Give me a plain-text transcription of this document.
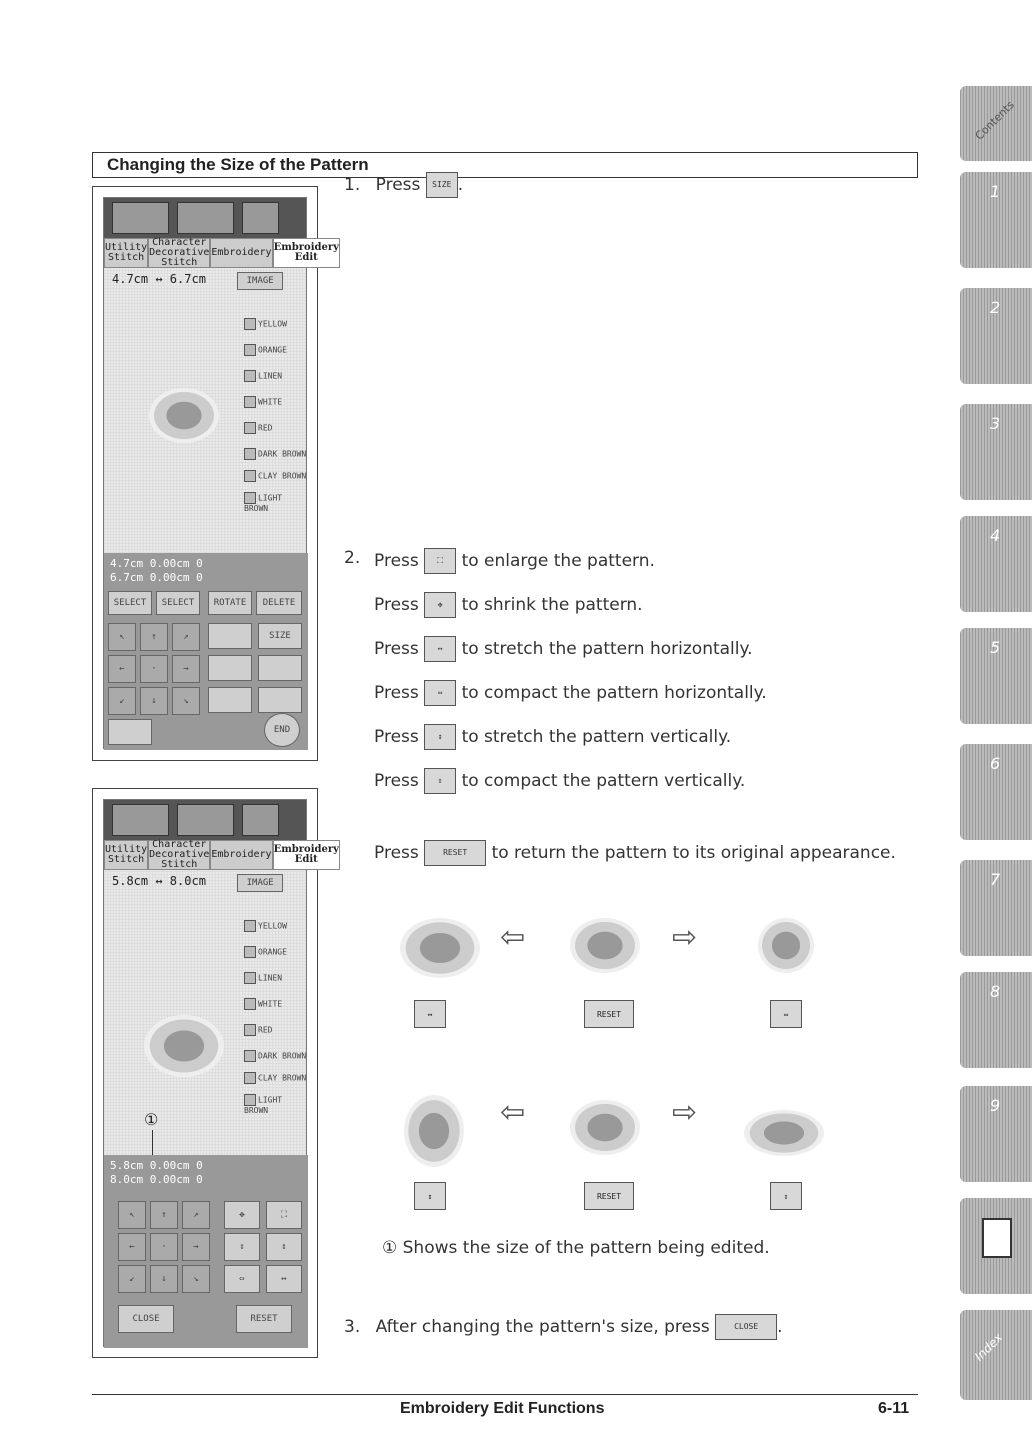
Changing the Size of the Pattern
Utility Stitch
Character Decorative Stitch
Embroidery Embroidery Edit
4.7cm ↔ 6.7cm	IMAGE
YELLOW
ORANGE
LINEN
WHITE
RED
DARK BROWN
CLAY BROWN
LIGHT BROWN
4.7cm 0.00cm 0
6.7cm 0.00cm 0
SELECT	SELECT	ROTATE	DELETE
↖	↑	↗
←	·	→
↙	↓	↘
SIZE
END
Utility Stitch
Character Decorative Stitch
Embroidery Embroidery Edit
5.8cm ↔ 8.0cm	IMAGE
①
YELLOW
ORANGE
LINEN
WHITE
RED
DARK BROWN
CLAY BROWN
LIGHT BROWN
5.8cm 0.00cm 0
8.0cm 0.00cm 0
↖	↑	↗
←	·	→
↙	↓	↘
✥	⛶
⇕	↕
⇔	↔
CLOSE	RESET
1. Press SIZE .
2. Press ⛶ to enlarge the pattern.
Press ✥ to shrink the pattern.
Press ↔ to stretch the pattern horizontally.
Press ⇔ to compact the pattern horizontally.
Press ↕ to stretch the pattern vertically.
Press ⇕ to compact the pattern vertically.
Press	RESET to return the pattern to its original appearance.
⇦	⇨
↔	RESET	⇔
⇦	⇨
↕	RESET	⇕
① Shows the size of the pattern being edited.
3. After changing the pattern's size, press	CLOSE .
Contents
1
2
3
4
5
6
7
8
9
Index
Embroidery Edit Functions	6-11
